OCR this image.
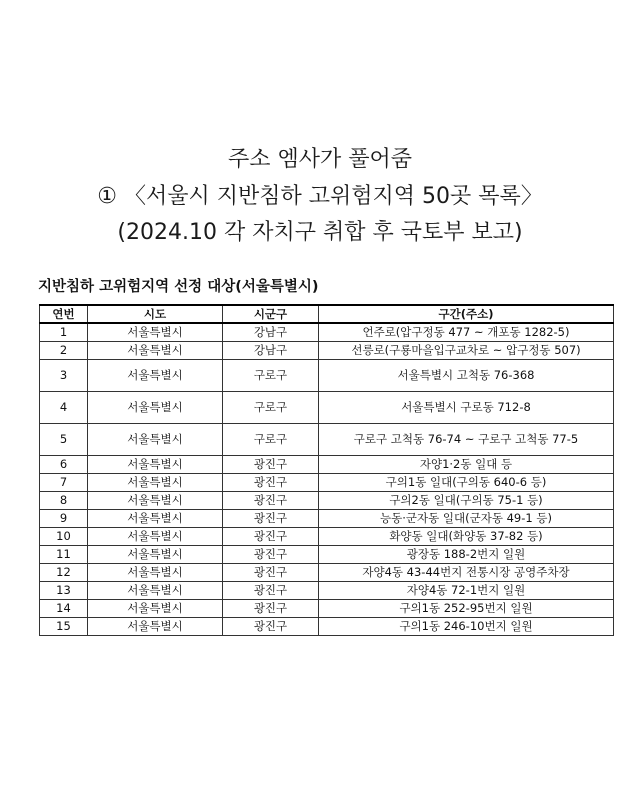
주소 엠사가 풀어줌

① 〈서울시 지반침하 고위험지역 50곳 목록〉

(2024.10 각 자치구 취합 후 국토부 보고)

지반침하 고위험지역 선정 대상(서울특별시)

연번	시도	시군구	구간(주소)
1	서울특별시	강남구	언주로(압구정동 477 ~ 개포동 1282-5)
2	서울특별시	강남구	선릉로(구룡마을입구교차로 ~ 압구정동 507)
3	서울특별시	구로구	서울특별시 고척동 76-368
4	서울특별시	구로구	서울특별시 구로동 712-8
5	서울특별시	구로구	구로구 고척동 76-74 ~ 구로구 고척동 77-5
6	서울특별시	광진구	자양1·2동 일대 등
7	서울특별시	광진구	구의1동 일대(구의동 640-6 등)
8	서울특별시	광진구	구의2동 일대(구의동 75-1 등)
9	서울특별시	광진구	능동·군자동 일대(군자동 49-1 등)
10	서울특별시	광진구	화양동 일대(화양동 37-82 등)
11	서울특별시	광진구	광장동 188-2번지 일원
12	서울특별시	광진구	자양4동 43-44번지 전통시장 공영주차장
13	서울특별시	광진구	자양4동 72-1번지 일원
14	서울특별시	광진구	구의1동 252-95번지 일원
15	서울특별시	광진구	구의1동 246-10번지 일원
